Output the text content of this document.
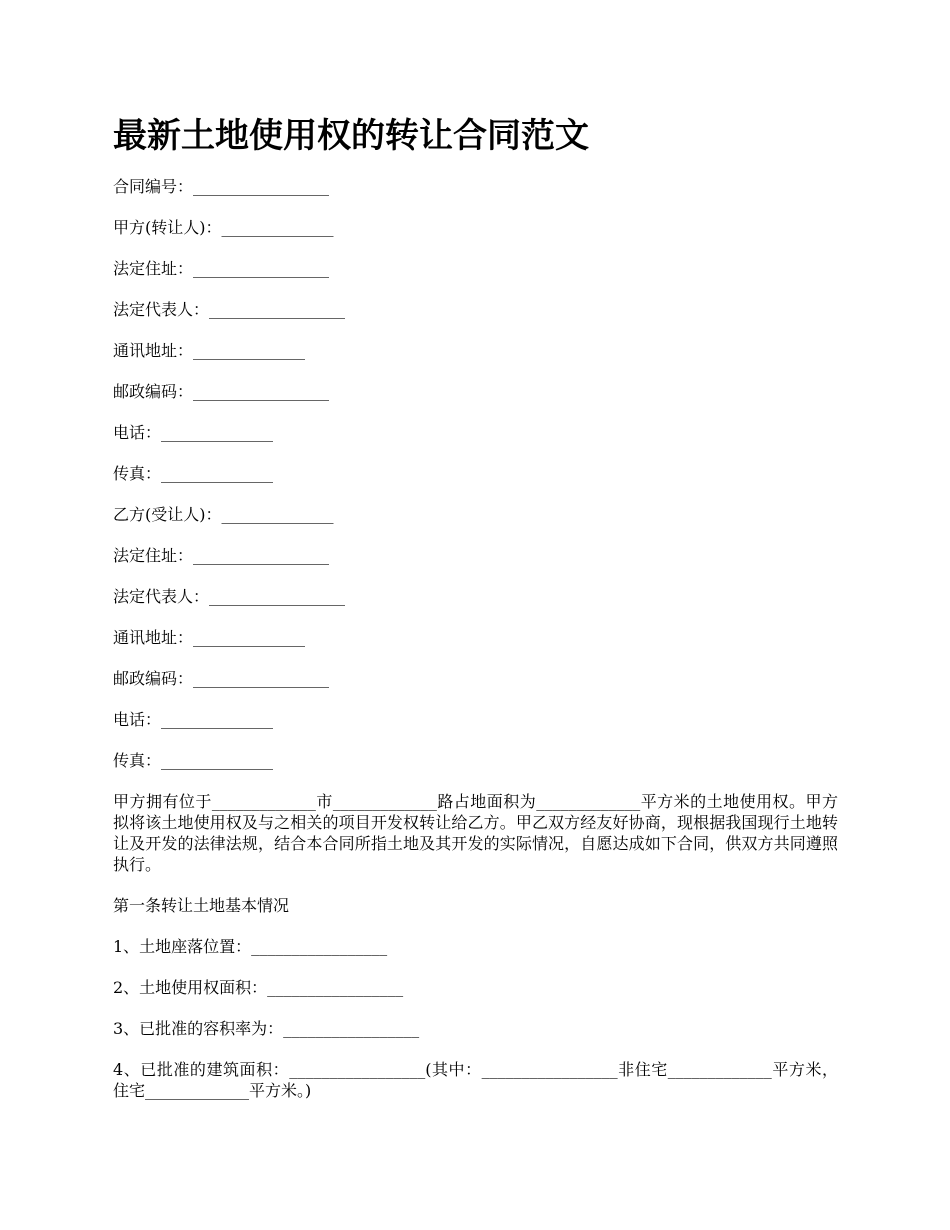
最新土地使用权的转让合同范文
合同编号：_________________
甲方(转让人)：______________
法定住址：_________________
法定代表人：_________________
通讯地址：______________
邮政编码：_________________
电话：______________
传真：______________
乙方(受让人)：______________
法定住址：_________________
法定代表人：_________________
通讯地址：______________
邮政编码：_________________
电话：______________
传真：______________

甲方拥有位于_____________市_____________路占地面积为_____________平方米的土地使用权。甲方拟将该土地使用权及与之相关的项目开发权转让给乙方。甲乙双方经友好协商，现根据我国现行土地转让及开发的法律法规，结合本合同所指土地及其开发的实际情况，自愿达成如下合同，供双方共同遵照执行。

第一条转让土地基本情况
1、土地座落位置：_________________
2、土地使用权面积：_________________
3、已批准的容积率为：_________________

4、已批准的建筑面积：_________________(其中：_________________非住宅_____________平方米，住宅_____________平方米。)
